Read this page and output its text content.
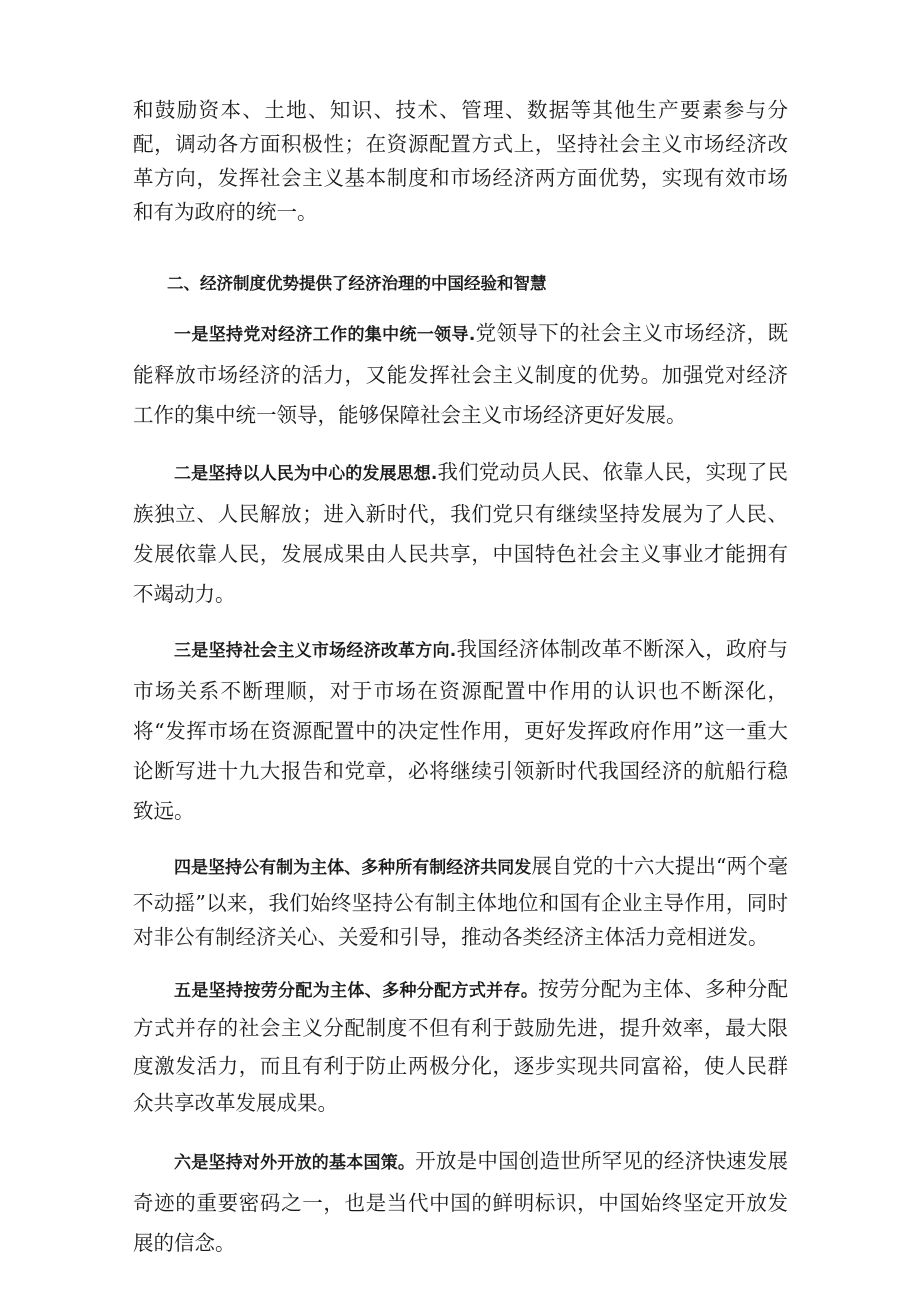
和鼓励资本、土地、知识、技术、管理、数据等其他生产要素参与分配，调动各方面积极性；在资源配置方式上，坚持社会主义市场经济改革方向，发挥社会主义基本制度和市场经济两方面优势，实现有效市场和有为政府的统一。

二、经济制度优势提供了经济治理的中国经验和智慧

一是坚持党对经济工作的集中统一领导.党领导下的社会主义市场经济，既能释放市场经济的活力，又能发挥社会主义制度的优势。加强党对经济工作的集中统一领导，能够保障社会主义市场经济更好发展。

二是坚持以人民为中心的发展思想.我们党动员人民、依靠人民，实现了民族独立、人民解放；进入新时代，我们党只有继续坚持发展为了人民、发展依靠人民，发展成果由人民共享，中国特色社会主义事业才能拥有不竭动力。

三是坚持社会主义市场经济改革方向.我国经济体制改革不断深入，政府与市场关系不断理顺，对于市场在资源配置中作用的认识也不断深化，将“发挥市场在资源配置中的决定性作用，更好发挥政府作用”这一重大论断写进十九大报告和党章，必将继续引领新时代我国经济的航船行稳致远。

四是坚持公有制为主体、多种所有制经济共同发展自党的十六大提出“两个毫不动摇”以来，我们始终坚持公有制主体地位和国有企业主导作用，同时对非公有制经济关心、关爱和引导，推动各类经济主体活力竞相迸发。

五是坚持按劳分配为主体、多种分配方式并存。按劳分配为主体、多种分配方式并存的社会主义分配制度不但有利于鼓励先进，提升效率，最大限度激发活力，而且有利于防止两极分化，逐步实现共同富裕，使人民群众共享改革发展成果。

六是坚持对外开放的基本国策。开放是中国创造世所罕见的经济快速发展奇迹的重要密码之一，也是当代中国的鲜明标识，中国始终坚定开放发展的信念。
